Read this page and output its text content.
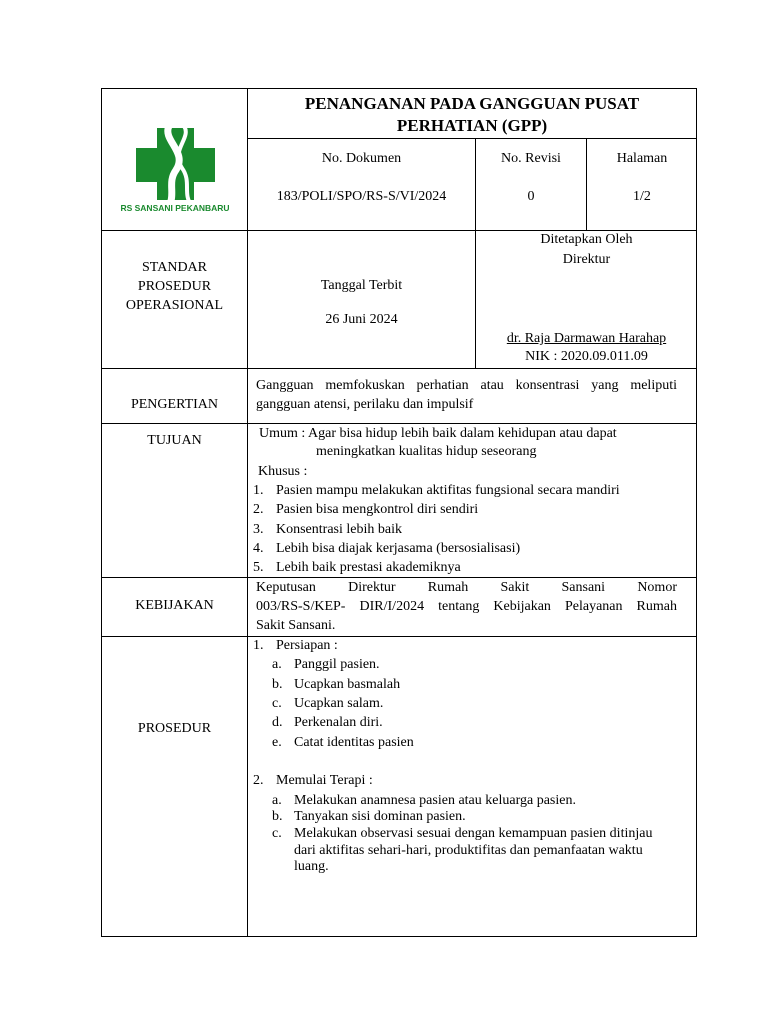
RS SANSANI PEKANBARU
PENANGANAN PADA GANGGUAN PUSAT PERHATIAN (GPP)
No. Dokumen
183/POLI/SPO/RS-S/VI/2024
No. Revisi
0
Halaman
1/2
STANDAR
PROSEDUR
OPERASIONAL
Tanggal Terbit
26 Juni 2024
Ditetapkan Oleh
Direktur
dr. Raja Darmawan Harahap
NIK : 2020.09.011.09
PENGERTIAN
Gangguan memfokuskan perhatian atau konsentrasi yang meliputi
gangguan atensi, perilaku dan impulsif
TUJUAN	Umum : Agar bisa hidup lebih baik dalam kehidupan atau dapat
meningkatkan kualitas hidup seseorang
Khusus :
1. Pasien mampu melakukan aktifitas fungsional secara mandiri
2. Pasien bisa mengkontrol diri sendiri
3. Konsentrasi lebih baik
4. Lebih bisa diajak kerjasama (bersosialisasi)
5. Lebih baik prestasi akademiknya
KEBIJAKAN
Keputusan Direktur Rumah Sakit Sansani Nomor
003/RS-S/KEP- DIR/I/2024 tentang Kebijakan Pelayanan Rumah
Sakit Sansani.
PROSEDUR
1. Persiapan :
a. Panggil pasien.
b. Ucapkan basmalah
c. Ucapkan salam.
d. Perkenalan diri.
e. Catat identitas pasien
2. Memulai Terapi :
a. Melakukan anamnesa pasien atau keluarga pasien.
b. Tanyakan sisi dominan pasien.
c. Melakukan observasi sesuai dengan kemampuan pasien ditinjau
dari aktifitas sehari-hari, produktifitas dan pemanfaatan waktu
luang.
